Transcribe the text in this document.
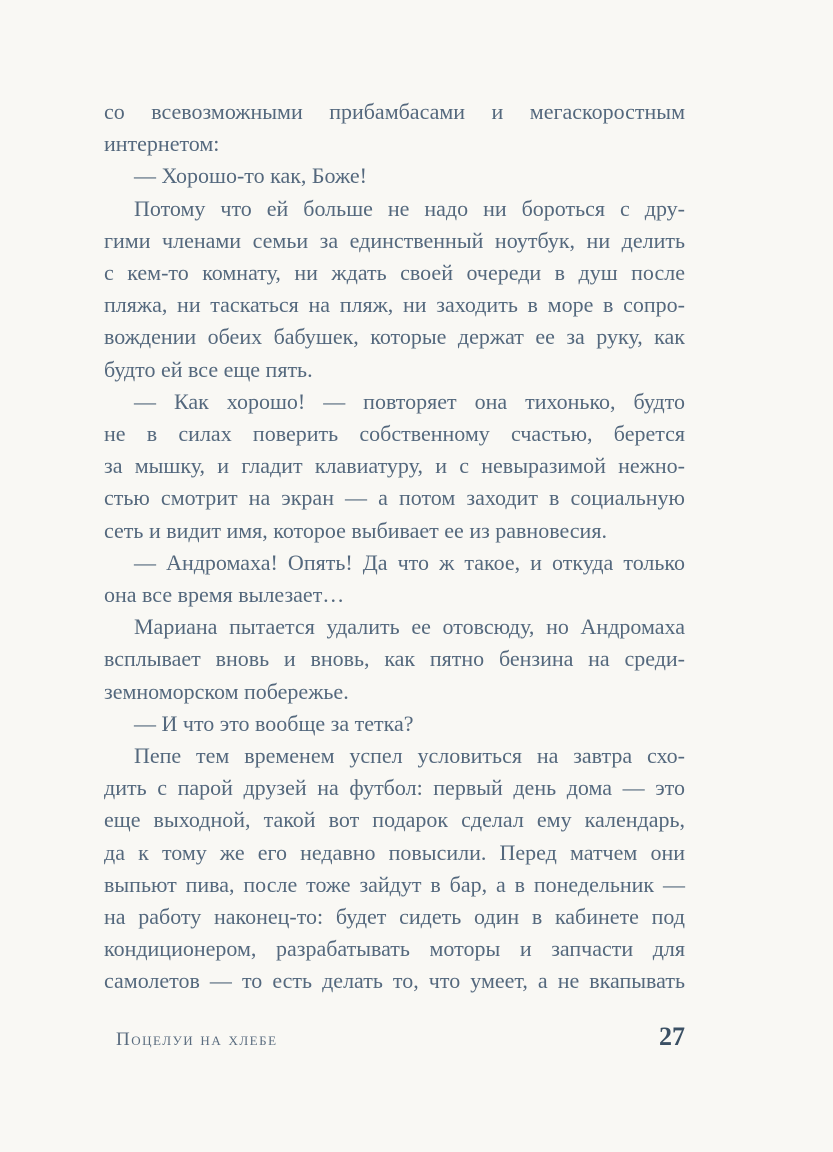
со всевозможными прибамбасами и мегаскоростным
интернетом:
— Хорошо-то как, Боже!
Потому что ей больше не надо ни бороться с дру-
гими членами семьи за единственный ноутбук, ни делить
с кем-то комнату, ни ждать своей очереди в душ после
пляжа, ни таскаться на пляж, ни заходить в море в сопро-
вождении обеих бабушек, которые держат ее за руку, как
будто ей все еще пять.
— Как хорошо! — повторяет она тихонько, будто
не в силах поверить собственному счастью, берется
за мышку, и гладит клавиатуру, и с невыразимой нежно-
стью смотрит на экран — а потом заходит в социальную
сеть и видит имя, которое выбивает ее из равновесия.
— Андромаха! Опять! Да что ж такое, и откуда только
она все время вылезает…
Мариана пытается удалить ее отовсюду, но Андромаха
всплывает вновь и вновь, как пятно бензина на среди-
земноморском побережье.
— И что это вообще за тетка?
Пепе тем временем успел условиться на завтра схо-
дить с парой друзей на футбол: первый день дома — это
еще выходной, такой вот подарок сделал ему календарь,
да к тому же его недавно повысили. Перед матчем они
выпьют пива, после тоже зайдут в бар, а в понедельник —
на работу наконец-то: будет сидеть один в кабинете под
кондиционером, разрабатывать моторы и запчасти для
самолетов — то есть делать то, что умеет, а не вкапывать
Поцелуи на хлебе	27
